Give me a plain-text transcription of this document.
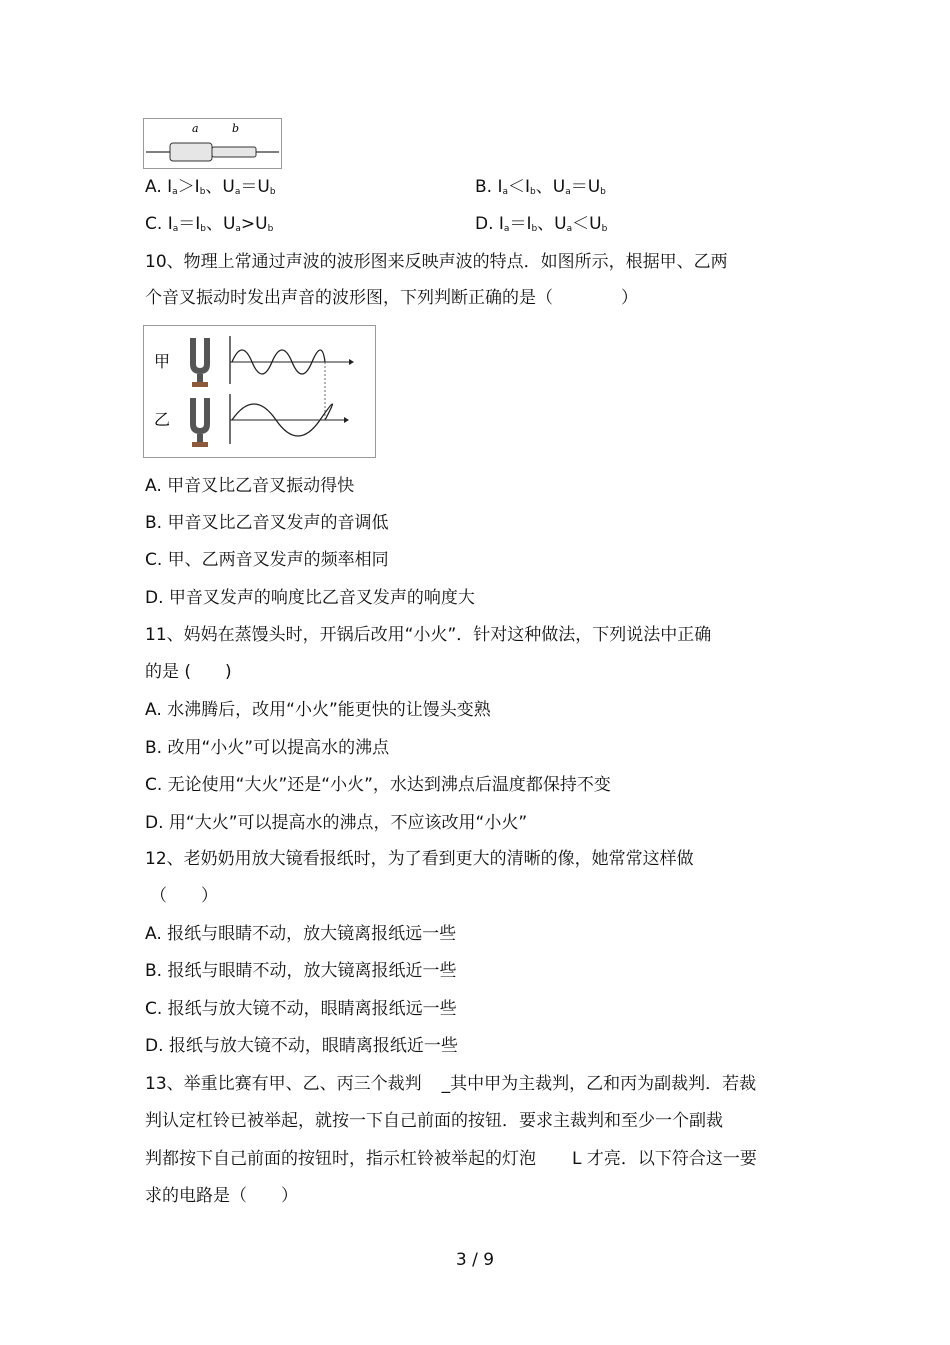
a	b
A. $I_a>I_b$、$U_a=U_b$	B. $I_a<I_b$、$U_a=U_b$
C. $I_a=I_b$、$U_a>U_b$	D. $I_a=I_b$、$U_a<U_b$
10、物理上常通过声波的波形图来反映声波的特点．如图所示，根据甲、乙两
个音叉振动时发出声音的波形图，下列判断正确的是（　　　　）
甲
乙
A. 甲音叉比乙音叉振动得快
B. 甲音叉比乙音叉发声的音调低
C. 甲、乙两音叉发声的频率相同
D. 甲音叉发声的响度比乙音叉发声的响度大
11、妈妈在蒸馒头时，开锅后改用“小火”．针对这种做法，下列说法中正确
的是 (　　)
A. 水沸腾后，改用“小火”能更快的让馒头变熟
B. 改用“小火”可以提高水的沸点
C. 无论使用“大火”还是“小火”，水达到沸点后温度都保持不变
D. 用“大火”可以提高水的沸点，不应该改用“小火”
12、老奶奶用放大镜看报纸时，为了看到更大的清晰的像，她常常这样做
（　　）
A. 报纸与眼睛不动，放大镜离报纸远一些
B. 报纸与眼睛不动，放大镜离报纸近一些
C. 报纸与放大镜不动，眼睛离报纸远一些
D. 报纸与放大镜不动，眼睛离报纸近一些
13、举重比赛有甲、乙、丙三个裁判 _其中甲为主裁判，乙和丙为副裁判．若裁
判认定杠铃已被举起，就按一下自己前面的按钮．要求主裁判和至少一个副裁
判都按下自己前面的按钮时，指示杠铃被举起的灯泡 L 才亮．以下符合这一要
求的电路是（　　）
3 / 9
